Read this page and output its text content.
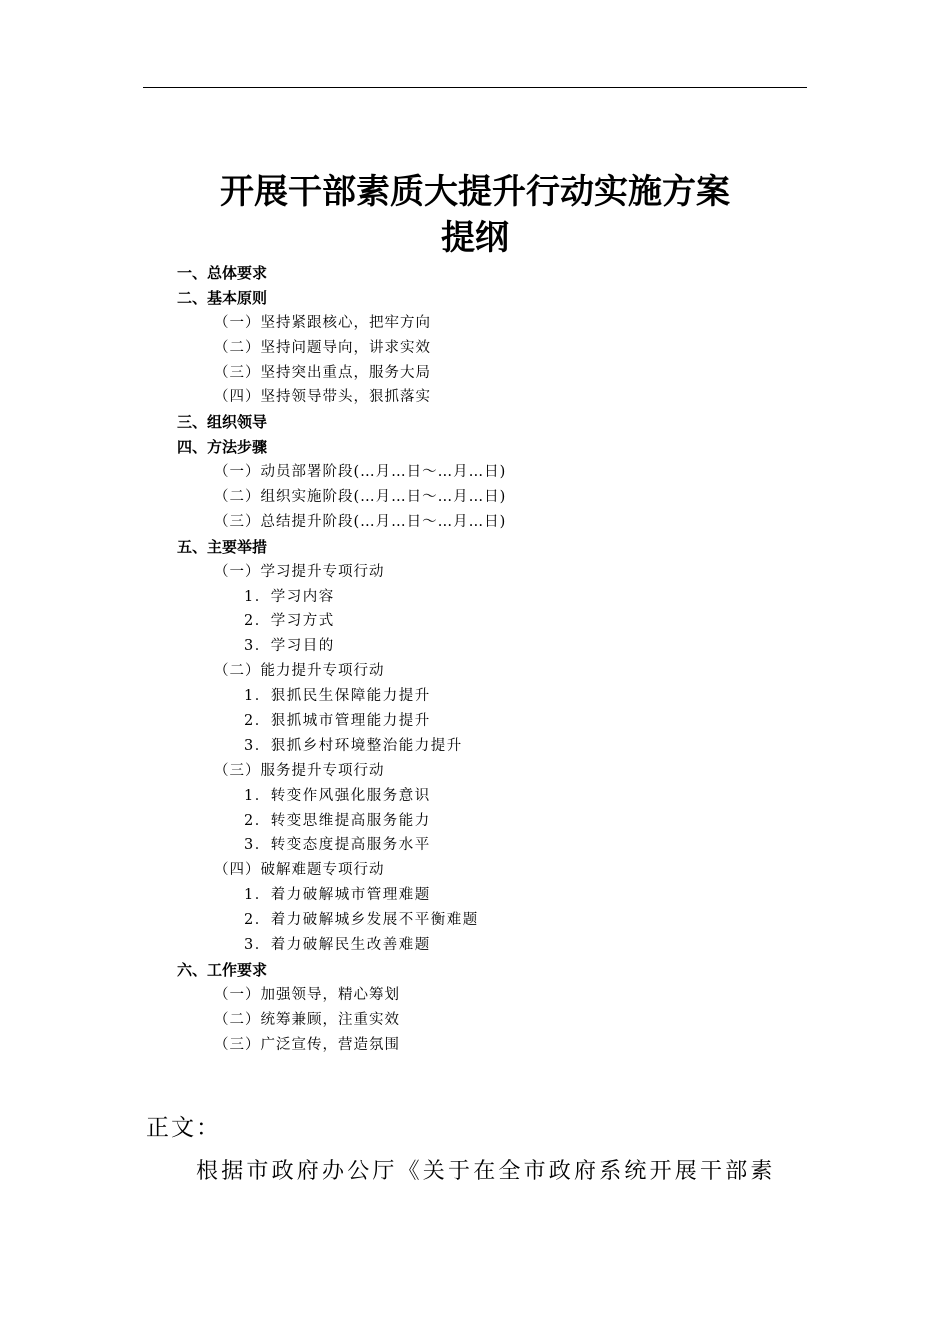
开展干部素质大提升行动实施方案
提纲
一、总体要求
二、基本原则
（一）坚持紧跟核心，把牢方向
（二）坚持问题导向，讲求实效
（三）坚持突出重点，服务大局
（四）坚持领导带头，狠抓落实
三、组织领导
四、方法步骤
（一）动员部署阶段(…月…日～…月…日)
（二）组织实施阶段(…月…日～…月…日)
（三）总结提升阶段(…月…日～…月…日)
五、主要举措
（一）学习提升专项行动
1．学习内容
2．学习方式
3．学习目的
（二）能力提升专项行动
1．狠抓民生保障能力提升
2．狠抓城市管理能力提升
3．狠抓乡村环境整治能力提升
（三）服务提升专项行动
1．转变作风强化服务意识
2．转变思维提高服务能力
3．转变态度提高服务水平
（四）破解难题专项行动
1．着力破解城市管理难题
2．着力破解城乡发展不平衡难题
3．着力破解民生改善难题
六、工作要求
（一）加强领导，精心筹划
（二）统筹兼顾，注重实效
（三）广泛宣传，营造氛围

正文：

根据市政府办公厅《关于在全市政府系统开展干部素
